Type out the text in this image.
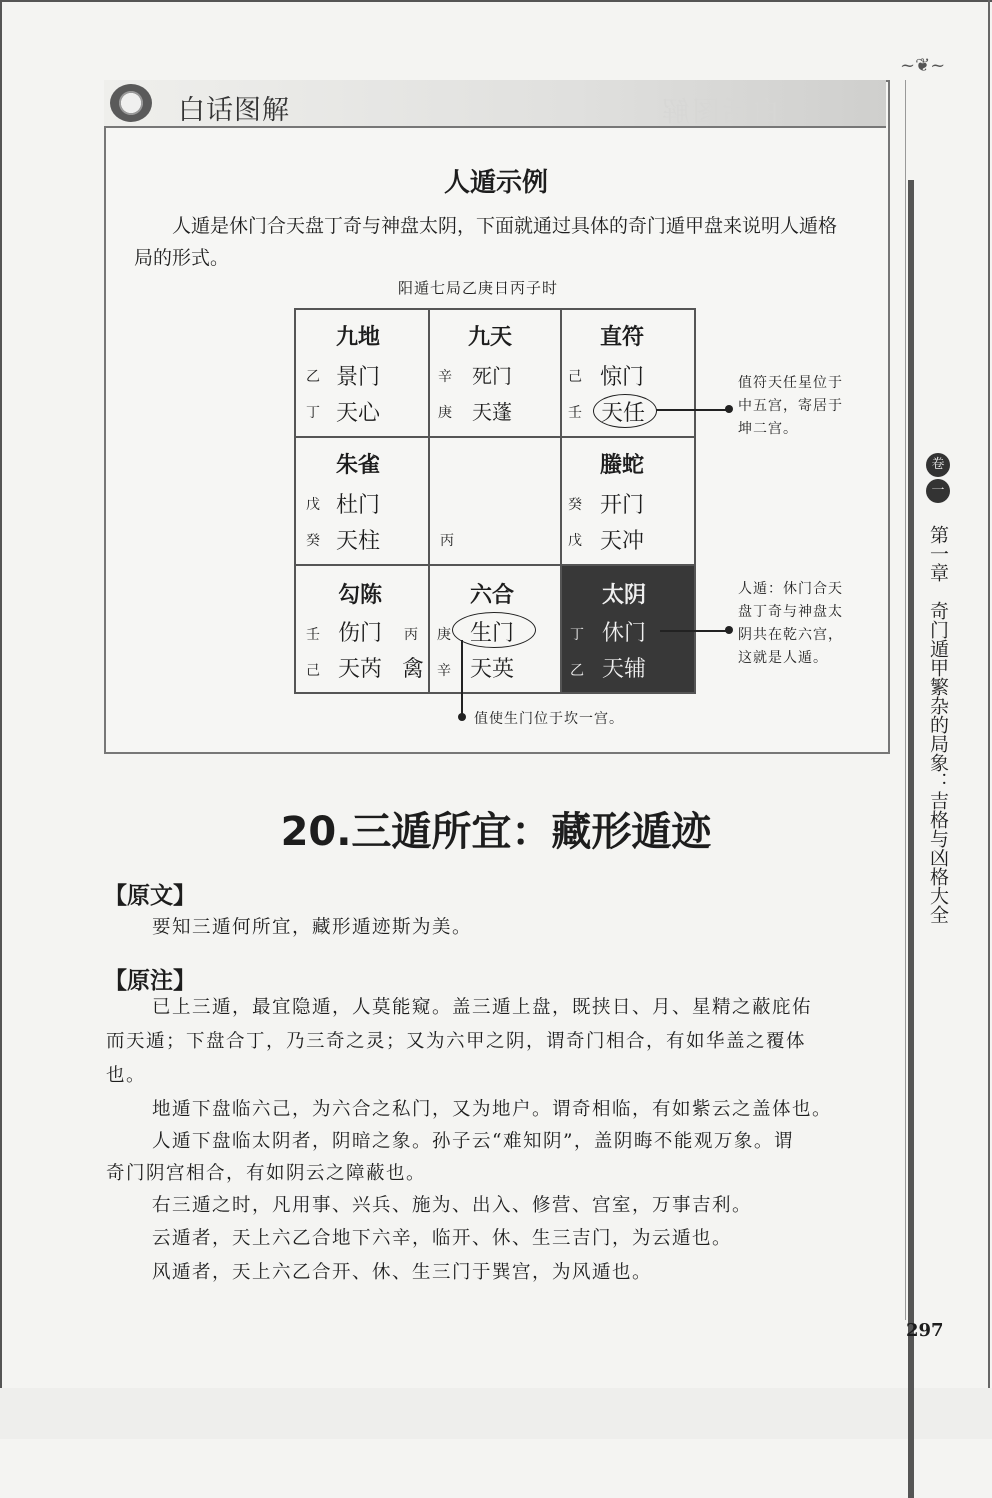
~❦~
卷
一
第一章　奇门遁甲繁杂的局象：吉格与凶格大全
白话图解	白话图解
人遁示例
人遁是休门合天盘丁奇与神盘太阴，下面就通过具体的奇门遁甲盘来说明人遁格局的形式。
阳遁七局乙庚日丙子时
九地
乙 景门
丁 天心
九天
辛 死门
庚 天蓬
直符
己 惊门
壬 天任
朱雀
戊 杜门
癸 天柱	丙
螣蛇
癸 开门
戊 天冲
勾陈
壬 伤门 丙
己 天芮 禽
六合
庚 生门
辛 天英
太阴
丁 休门
乙 天辅
值符天任星位于
中五宫，寄居于
坤二宫。
人遁：休门合天
盘丁奇与神盘太
阴共在乾六宫，
这就是人遁。
值使生门位于坎一宫。
20.三遁所宜：藏形遁迹
【原文】
要知三遁何所宜，藏形遁迹斯为美。
【原注】
已上三遁，最宜隐遁，人莫能窥。盖三遁上盘，既挟日、月、星精之蔽庇佑
而天遁；下盘合丁，乃三奇之灵；又为六甲之阴，谓奇门相合，有如华盖之覆体
也。
地遁下盘临六己，为六合之私门，又为地户。谓奇相临，有如紫云之盖体也。
人遁下盘临太阴者，阴暗之象。孙子云“难知阴”，盖阴晦不能观万象。谓
奇门阴宫相合，有如阴云之障蔽也。
右三遁之时，凡用事、兴兵、施为、出入、修营、宫室，万事吉利。
云遁者，天上六乙合地下六辛，临开、休、生三吉门，为云遁也。
风遁者，天上六乙合开、休、生三门于巽宫，为风遁也。
297
